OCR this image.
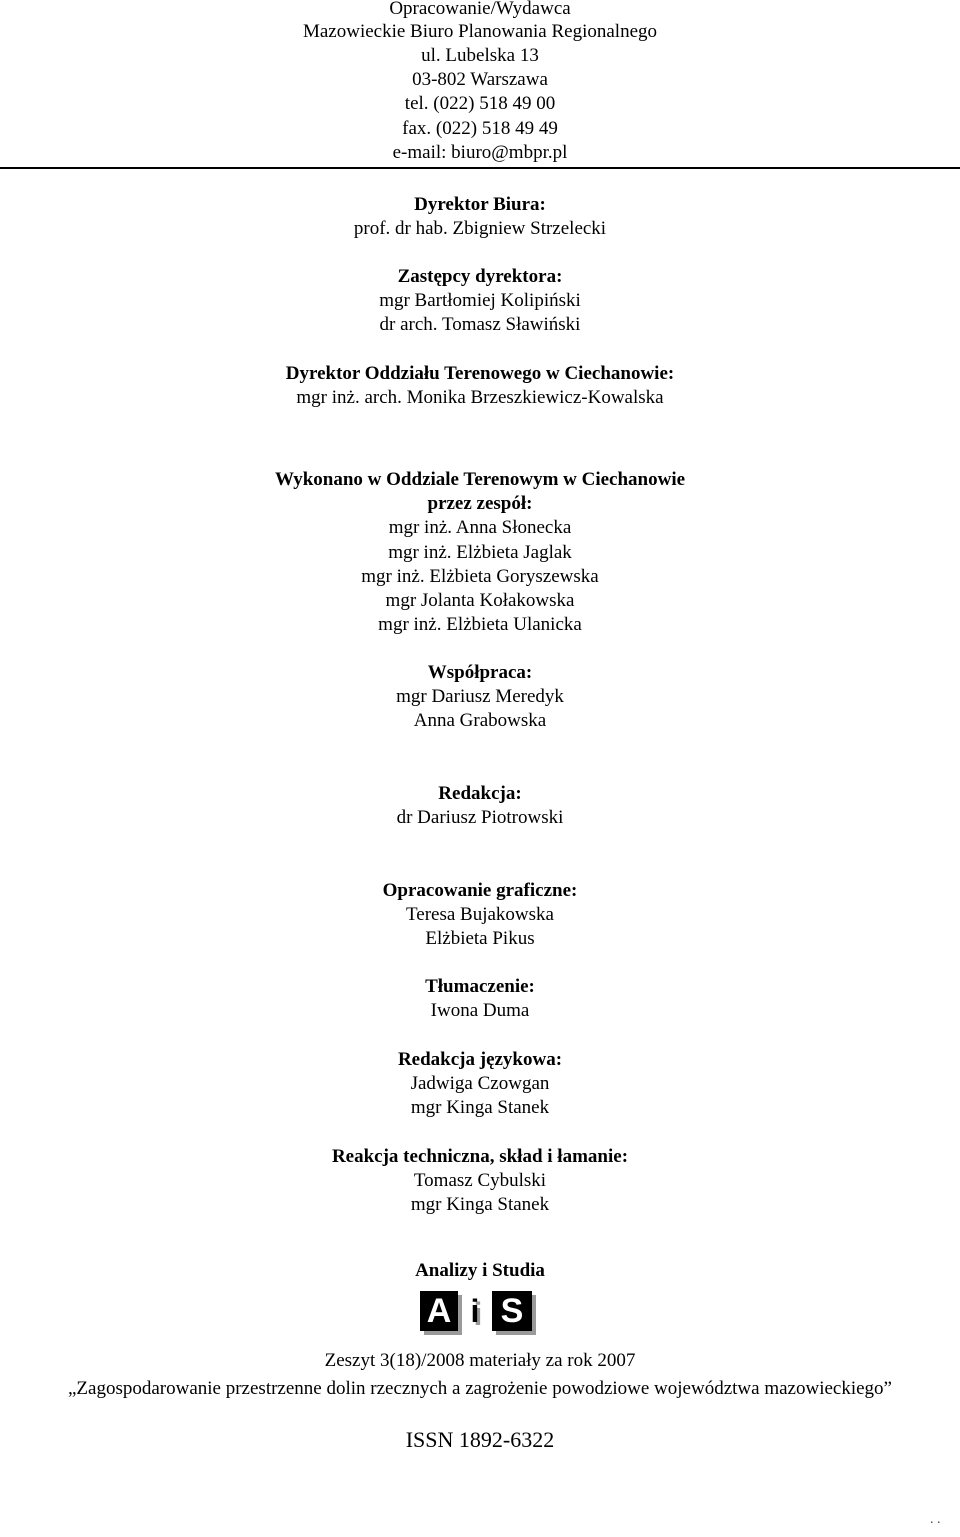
Opracowanie/Wydawca
Mazowieckie Biuro Planowania Regionalnego
ul. Lubelska 13
03-802 Warszawa
tel. (022) 518 49 00
fax. (022) 518 49 49
e-mail: biuro@mbpr.pl
Dyrektor Biura:
prof. dr hab. Zbigniew Strzelecki
Zastępcy dyrektora:
mgr Bartłomiej Kolipiński
dr arch. Tomasz Sławiński
Dyrektor Oddziału Terenowego w Ciechanowie:
mgr inż. arch. Monika Brzeszkiewicz-Kowalska
Wykonano w Oddziale Terenowym w Ciechanowie
przez zespół:
mgr inż. Anna Słonecka
mgr inż. Elżbieta Jaglak
mgr inż. Elżbieta Goryszewska
mgr Jolanta Kołakowska
mgr inż. Elżbieta Ulanicka
Współpraca:
mgr Dariusz Meredyk
Anna Grabowska
Redakcja:
dr Dariusz Piotrowski
Opracowanie graficzne:
Teresa Bujakowska
Elżbieta Pikus
Tłumaczenie:
Iwona Duma
Redakcja językowa:
Jadwiga Czowgan
mgr Kinga Stanek
Reakcja techniczna, skład i łamanie:
Tomasz Cybulski
mgr Kinga Stanek
Analizy i Studia
A i S
Zeszyt 3(18)/2008 materiały za rok 2007
„Zagospodarowanie przestrzenne dolin rzecznych a zagrożenie powodziowe województwa mazowieckiego”
ISSN 1892-6322
. .
